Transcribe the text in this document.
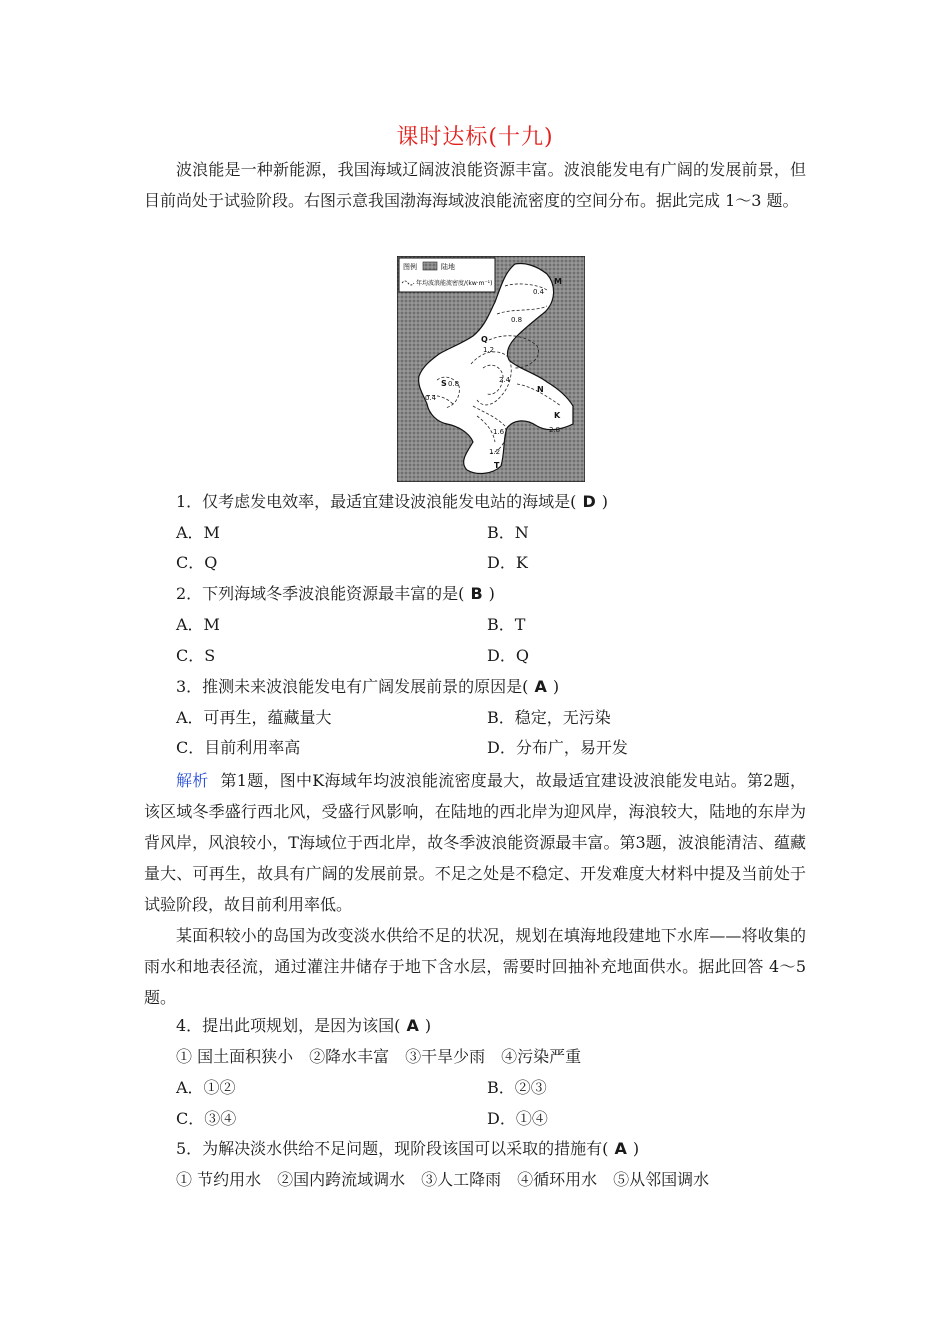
课时达标(十九)
波浪能是一种新能源，我国海域辽阔波浪能资源丰富。波浪能发电有广阔的发展前景，但目前尚处于试验阶段。右图示意我国渤海海域波浪能流密度的空间分布。据此完成 1～3 题。
图例	陆地
年均波浪能流密度/(kw·m⁻¹)	M
0.4
0.8
Q
1.2
2.4
N
S 0.8
0.4
K
2.8
1.6
1.2
T
1．仅考虑发电效率，最适宜建设波浪能发电站的海域是( D )
A．M	B．N
C．Q	D．K
2．下列海域冬季波浪能资源最丰富的是( B )
A．M	B．T
C．S	D．Q
3．推测未来波浪能发电有广阔发展前景的原因是( A )
A．可再生，蕴藏量大	B．稳定，无污染
C．目前利用率高	D．分布广，易开发
解析 第1题，图中K海域年均波浪能流密度最大，故最适宜建设波浪能发电站。第2题，该区域冬季盛行西北风，受盛行风影响，在陆地的西北岸为迎风岸，海浪较大，陆地的东岸为背风岸，风浪较小，T海域位于西北岸，故冬季波浪能资源最丰富。第3题，波浪能清洁、蕴藏量大、可再生，故具有广阔的发展前景。不足之处是不稳定、开发难度大材料中提及当前处于试验阶段，故目前利用率低。
某面积较小的岛国为改变淡水供给不足的状况，规划在填海地段建地下水库——将收集的雨水和地表径流，通过灌注井储存于地下含水层，需要时回抽补充地面供水。据此回答 4～5 题。
4．提出此项规划，是因为该国( A )
① 国土面积狭小　②降水丰富　③干旱少雨　④污染严重
A．①②	B．②③
C．③④	D．①④
5．为解决淡水供给不足问题，现阶段该国可以采取的措施有( A )
① 节约用水　②国内跨流域调水　③人工降雨　④循环用水　⑤从邻国调水
